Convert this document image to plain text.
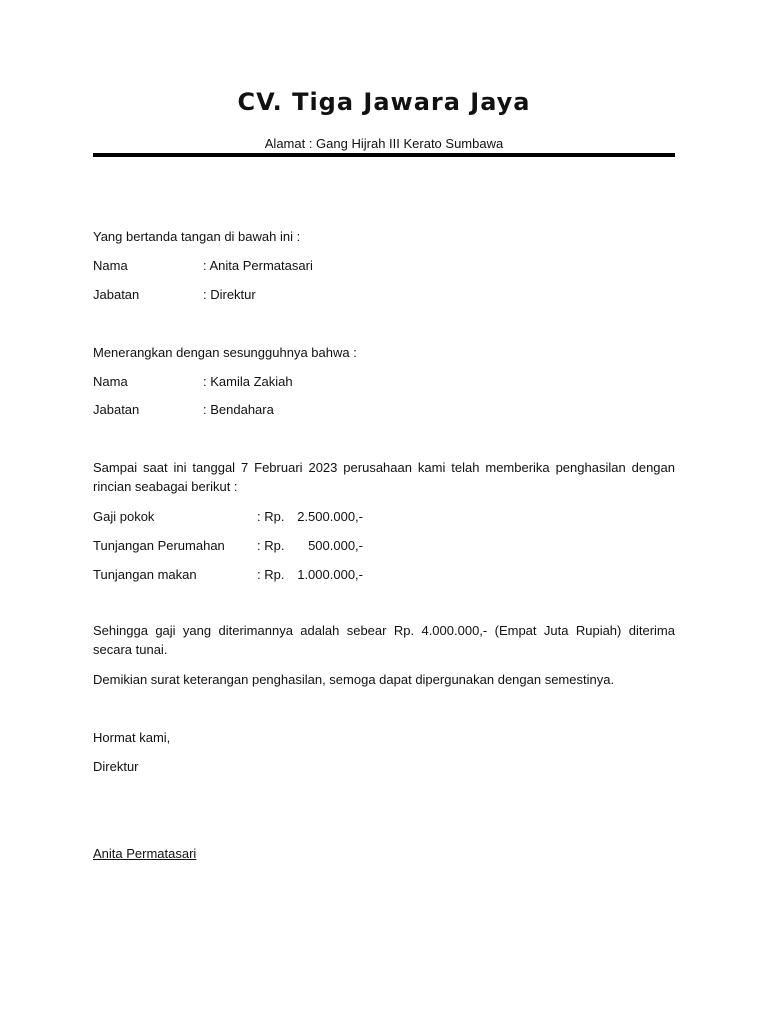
CV. Tiga Jawara Jaya
Alamat : Gang Hijrah III Kerato Sumbawa
Yang bertanda tangan di bawah ini :
Nama	: Anita Permatasari
Jabatan	: Direktur
Menerangkan dengan sesungguhnya bahwa :
Nama	: Kamila Zakiah
Jabatan	: Bendahara
Sampai saat ini tanggal 7 Februari 2023 perusahaan kami telah memberika penghasilan dengan rincian seabagai berikut :
Gaji pokok	: Rp. 2.500.000,-
Tunjangan Perumahan : Rp.	500.000,-
Tunjangan makan	: Rp. 1.000.000,-
Sehingga gaji yang diterimannya adalah sebear Rp. 4.000.000,- (Empat Juta Rupiah) diterima secara tunai.
Demikian surat keterangan penghasilan, semoga dapat dipergunakan dengan semestinya.
Hormat kami,
Direktur
Anita Permatasari
